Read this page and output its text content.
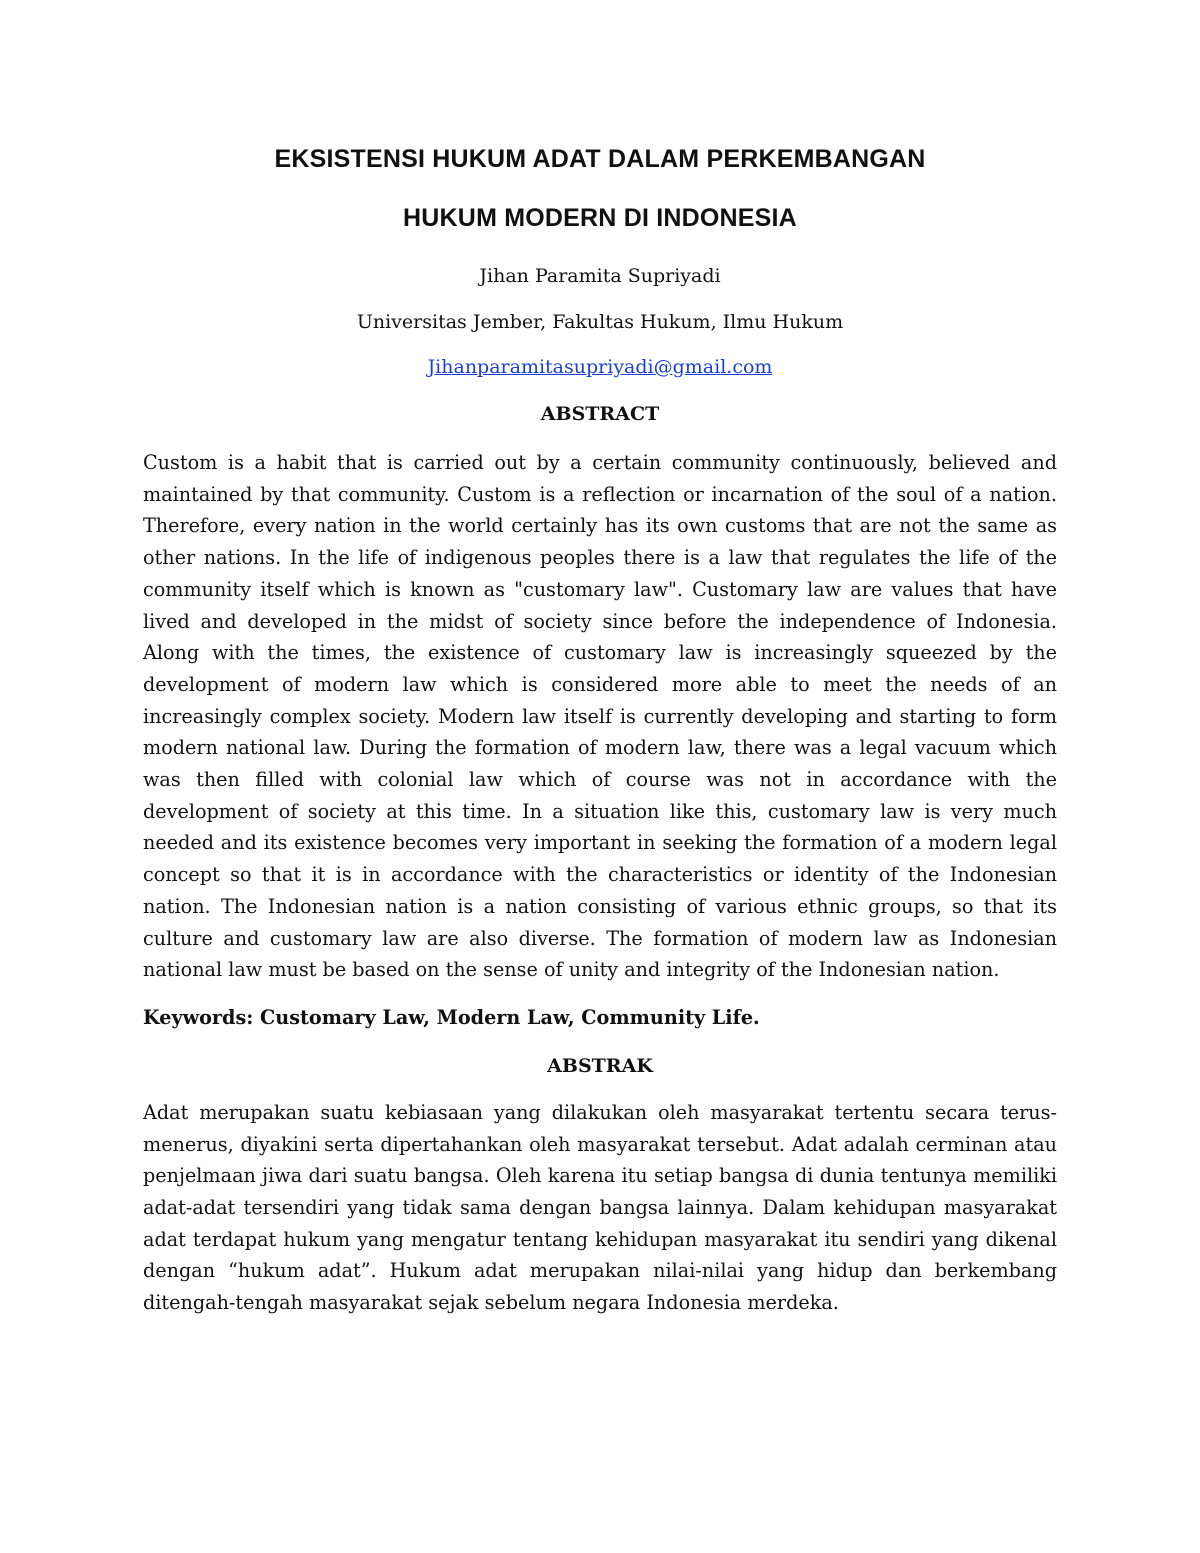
EKSISTENSI HUKUM ADAT DALAM PERKEMBANGAN
HUKUM MODERN DI INDONESIA

Jihan Paramita Supriyadi

Universitas Jember, Fakultas Hukum, Ilmu Hukum

Jihanparamitasupriyadi@gmail.com

ABSTRACT

Custom is a habit that is carried out by a certain community continuously, believed and maintained by that community. Custom is a reflection or incarnation of the soul of a nation. Therefore, every nation in the world certainly has its own customs that are not the same as other nations. In the life of indigenous peoples there is a law that regulates the life of the community itself which is known as "customary law". Customary law are values that have lived and developed in the midst of society since before the independence of Indonesia. Along with the times, the existence of customary law is increasingly squeezed by the development of modern law which is considered more able to meet the needs of an increasingly complex society. Modern law itself is currently developing and starting to form modern national law. During the formation of modern law, there was a legal vacuum which was then filled with colonial law which of course was not in accordance with the development of society at this time. In a situation like this, customary law is very much needed and its existence becomes very important in seeking the formation of a modern legal concept so that it is in accordance with the characteristics or identity of the Indonesian nation. The Indonesian nation is a nation consisting of various ethnic groups, so that its culture and customary law are also diverse. The formation of modern law as Indonesian national law must be based on the sense of unity and integrity of the Indonesian nation.

Keywords: Customary Law, Modern Law, Community Life.

ABSTRAK

Adat merupakan suatu kebiasaan yang dilakukan oleh masyarakat tertentu secara terus-menerus, diyakini serta dipertahankan oleh masyarakat tersebut. Adat adalah cerminan atau penjelmaan jiwa dari suatu bangsa. Oleh karena itu setiap bangsa di dunia tentunya memiliki adat-adat tersendiri yang tidak sama dengan bangsa lainnya. Dalam kehidupan masyarakat adat terdapat hukum yang mengatur tentang kehidupan masyarakat itu sendiri yang dikenal dengan “hukum adat”. Hukum adat merupakan nilai-nilai yang hidup dan berkembang ditengah-tengah masyarakat sejak sebelum negara Indonesia merdeka.
